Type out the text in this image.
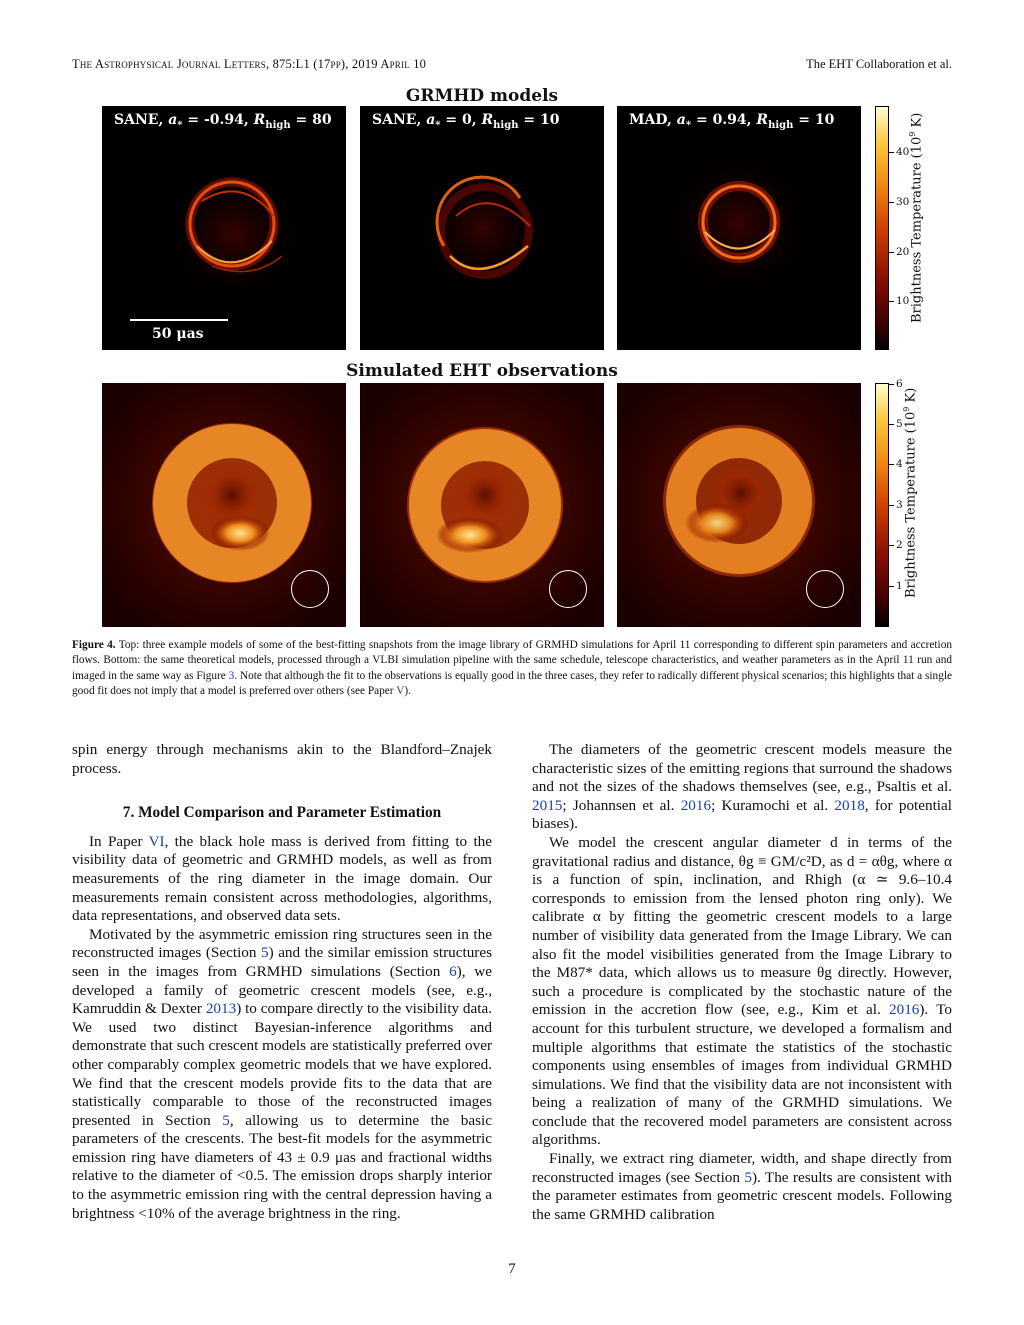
The Astrophysical Journal Letters, 875:L1 (17pp), 2019 April 10	The EHT Collaboration et al.
GRMHD models
Simulated EHT observations
SANE, $a_* = -0.94$, $R_{high} = 80$
50 μas
SANE, $a_* = 0$, $R_{high} = 10$	MAD, $a_* = 0.94$, $R_{high} = 10$
10
20
30
40 Brightness Temperature ($10^9$ K)
1
2
3
4
5
6
Brightness Temperature ($10^9$ K)
Figure 4. Top: three example models of some of the best-fitting snapshots from the image library of GRMHD simulations for April 11 corresponding to different spin parameters and accretion flows. Bottom: the same theoretical models, processed through a VLBI simulation pipeline with the same schedule, telescope characteristics, and weather parameters as in the April 11 run and imaged in the same way as Figure 3. Note that although the fit to the observations is equally good in the three cases, they refer to radically different physical scenarios; this highlights that a single good fit does not imply that a model is preferred over others (see Paper V).

spin energy through mechanisms akin to the Blandford–Znajek process.

7. Model Comparison and Parameter Estimation

In Paper VI, the black hole mass is derived from fitting to the visibility data of geometric and GRMHD models, as well as from measurements of the ring diameter in the image domain. Our measurements remain consistent across methodologies, algorithms, data representations, and observed data sets.

Motivated by the asymmetric emission ring structures seen in the reconstructed images (Section 5) and the similar emission structures seen in the images from GRMHD simulations (Section 6), we developed a family of geometric crescent models (see, e.g., Kamruddin & Dexter 2013) to compare directly to the visibility data. We used two distinct Bayesian-inference algorithms and demonstrate that such crescent models are statistically preferred over other comparably complex geometric models that we have explored. We find that the crescent models provide fits to the data that are statistically comparable to those of the reconstructed images presented in Section 5, allowing us to determine the basic parameters of the crescents. The best-fit models for the asymmetric emission ring have diameters of 43 ± 0.9 μas and fractional widths relative to the diameter of <0.5. The emission drops sharply interior to the asymmetric emission ring with the central depression having a brightness <10% of the average brightness in the ring.

The diameters of the geometric crescent models measure the characteristic sizes of the emitting regions that surround the shadows and not the sizes of the shadows themselves (see, e.g., Psaltis et al. 2015; Johannsen et al. 2016; Kuramochi et al. 2018, for potential biases).

We model the crescent angular diameter d in terms of the gravitational radius and distance, θg ≡ GM/c²D, as d = αθg, where α is a function of spin, inclination, and Rhigh (α ≃ 9.6–10.4 corresponds to emission from the lensed photon ring only). We calibrate α by fitting the geometric crescent models to a large number of visibility data generated from the Image Library. We can also fit the model visibilities generated from the Image Library to the M87* data, which allows us to measure θg directly. However, such a procedure is complicated by the stochastic nature of the emission in the accretion flow (see, e.g., Kim et al. 2016). To account for this turbulent structure, we developed a formalism and multiple algorithms that estimate the statistics of the stochastic components using ensembles of images from individual GRMHD simulations. We find that the visibility data are not inconsistent with being a realization of many of the GRMHD simulations. We conclude that the recovered model parameters are consistent across algorithms.

Finally, we extract ring diameter, width, and shape directly from reconstructed images (see Section 5). The results are consistent with the parameter estimates from geometric crescent models. Following the same GRMHD calibration

7
